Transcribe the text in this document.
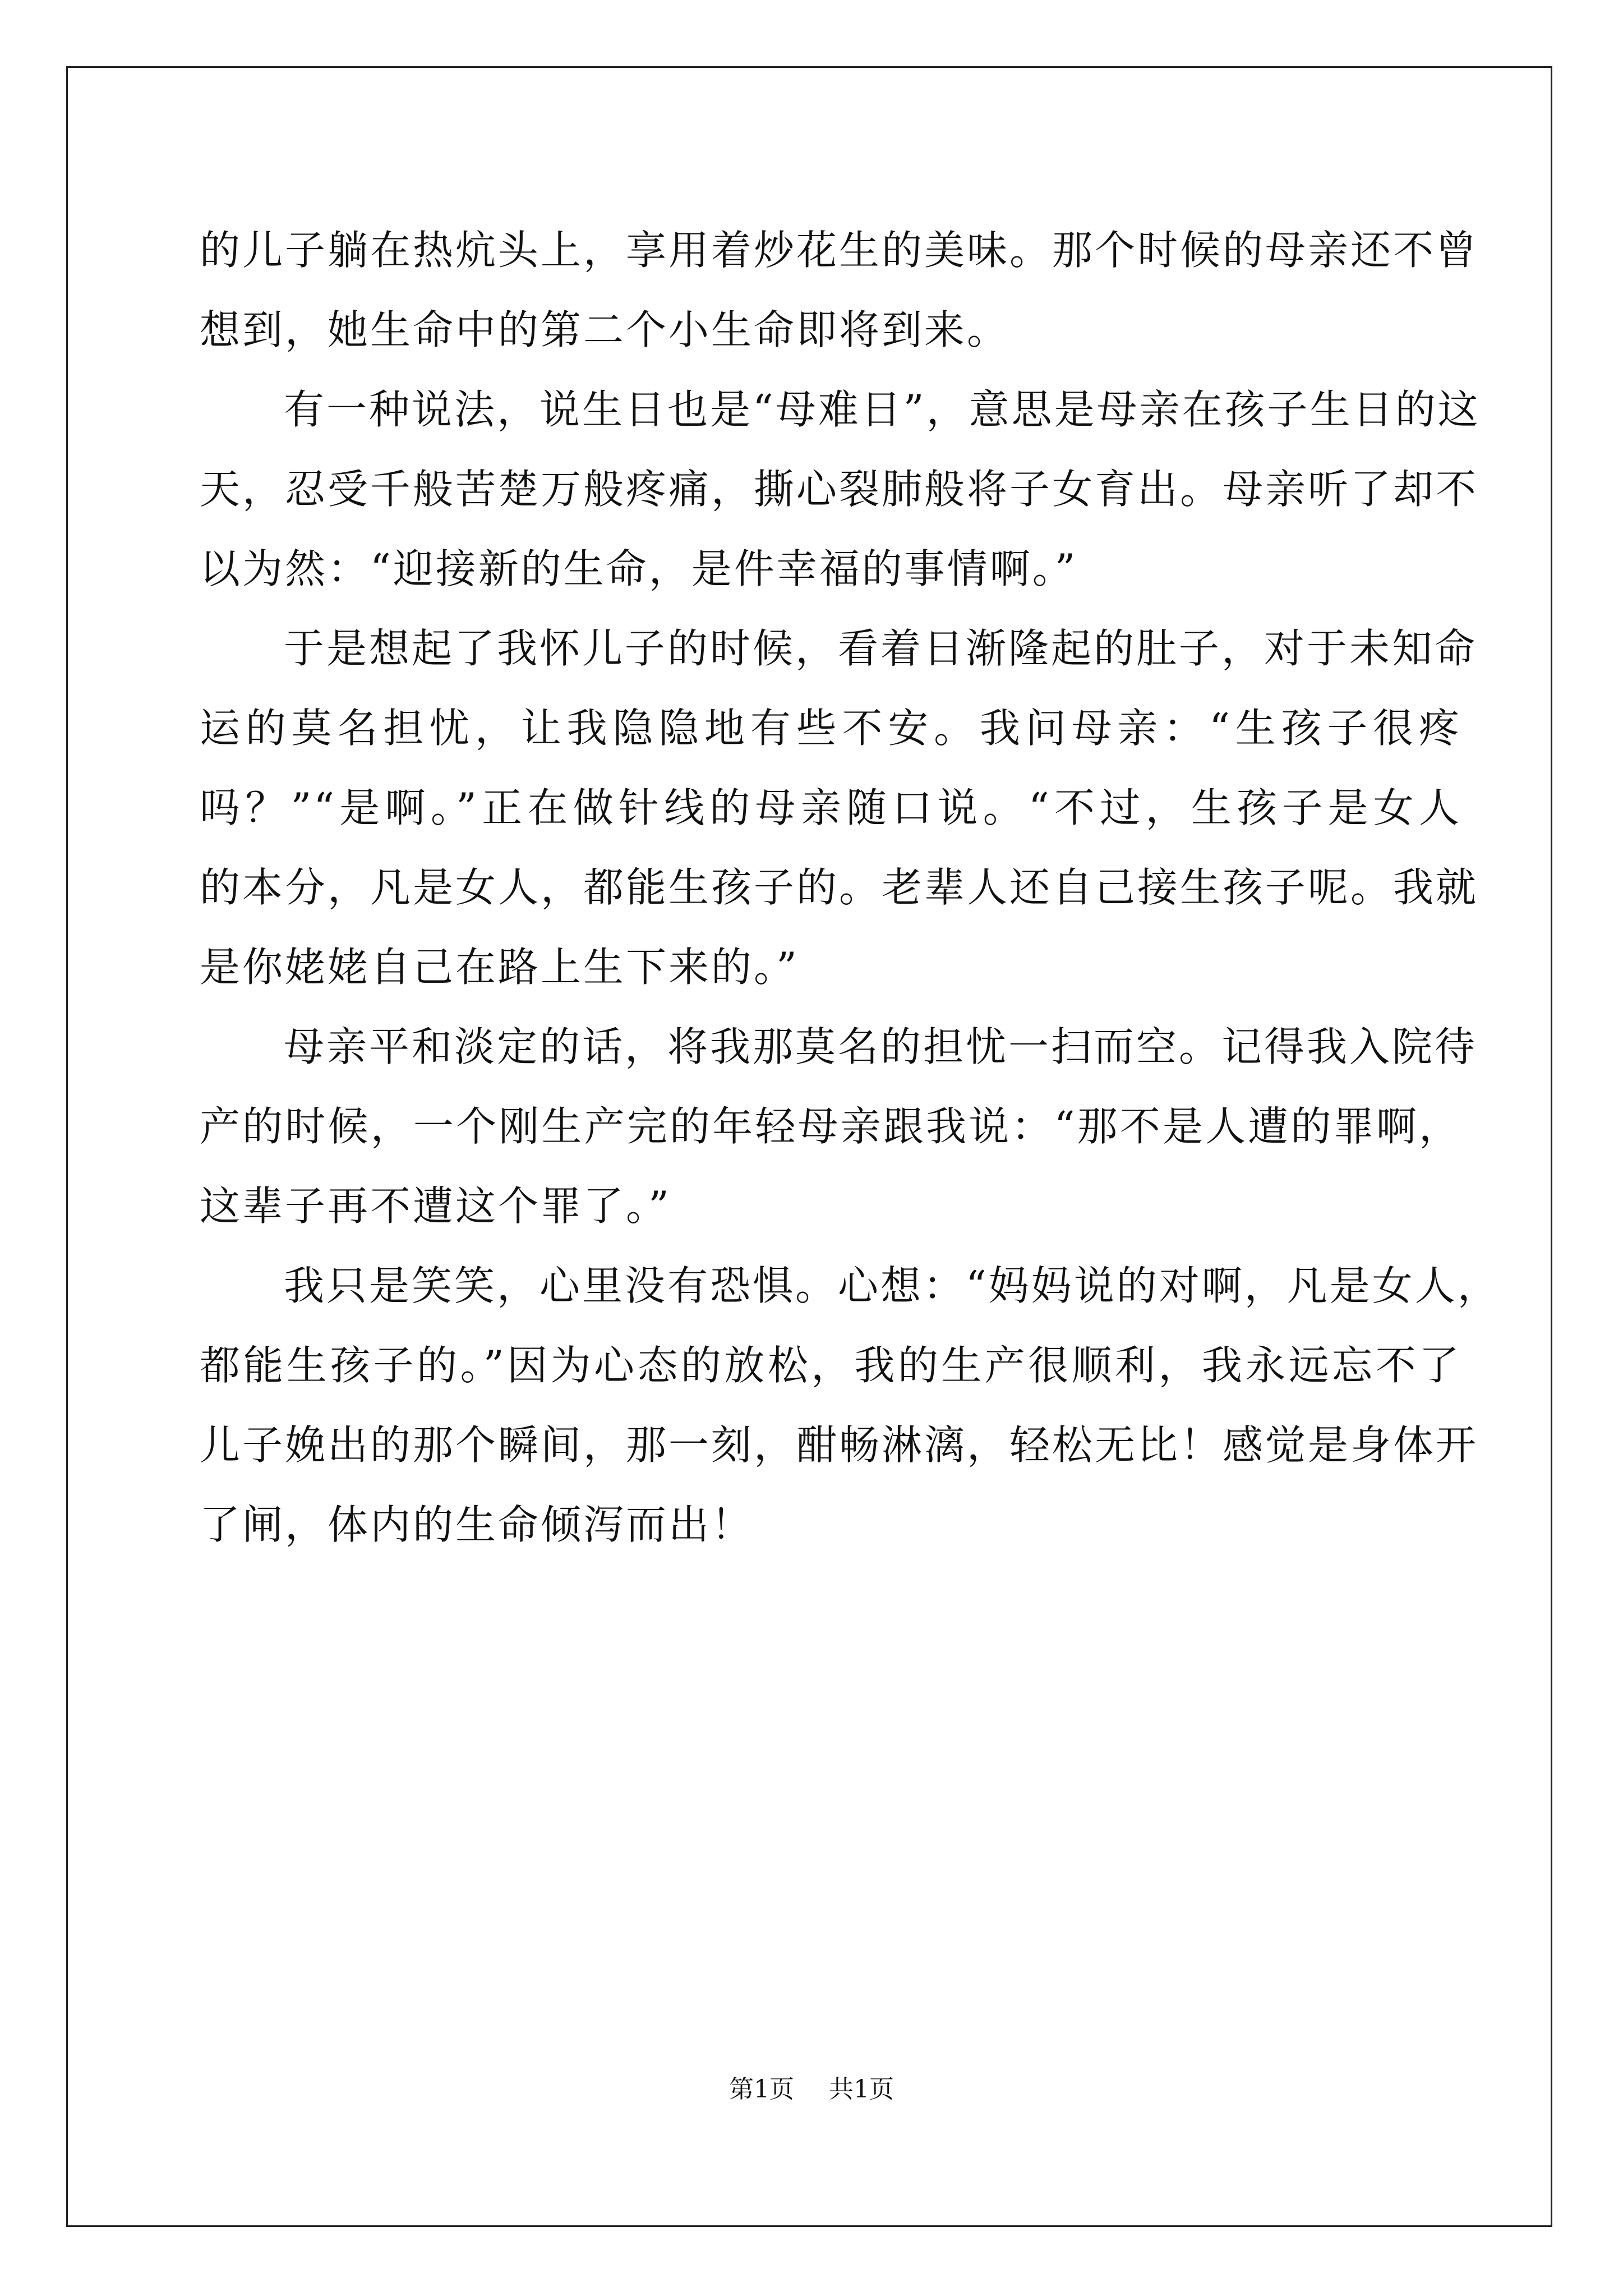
的儿子躺在热炕头上，享用着炒花生的美味。那个时候的母亲还不曾
想到，她生命中的第二个小生命即将到来。
有一种说法，说生日也是“母难日”，意思是母亲在孩子生日的这
天，忍受千般苦楚万般疼痛，撕心裂肺般将子女育出。母亲听了却不
以为然：“迎接新的生命，是件幸福的事情啊。”
于是想起了我怀儿子的时候，看着日渐隆起的肚子，对于未知命
运的莫名担忧，让我隐隐地有些不安。我问母亲：“生孩子很疼
吗？”“是啊。”正在做针线的母亲随口说。“不过，生孩子是女人
的本分，凡是女人，都能生孩子的。老辈人还自己接生孩子呢。我就
是你姥姥自己在路上生下来的。”
母亲平和淡定的话，将我那莫名的担忧一扫而空。记得我入院待
产的时候，一个刚生产完的年轻母亲跟我说：“那不是人遭的罪啊，
这辈子再不遭这个罪了。”
我只是笑笑，心里没有恐惧。心想：“妈妈说的对啊，凡是女人，
都能生孩子的。”因为心态的放松，我的生产很顺利，我永远忘不了
儿子娩出的那个瞬间，那一刻，酣畅淋漓，轻松无比！感觉是身体开
了闸，体内的生命倾泻而出！
第1页 共1页
